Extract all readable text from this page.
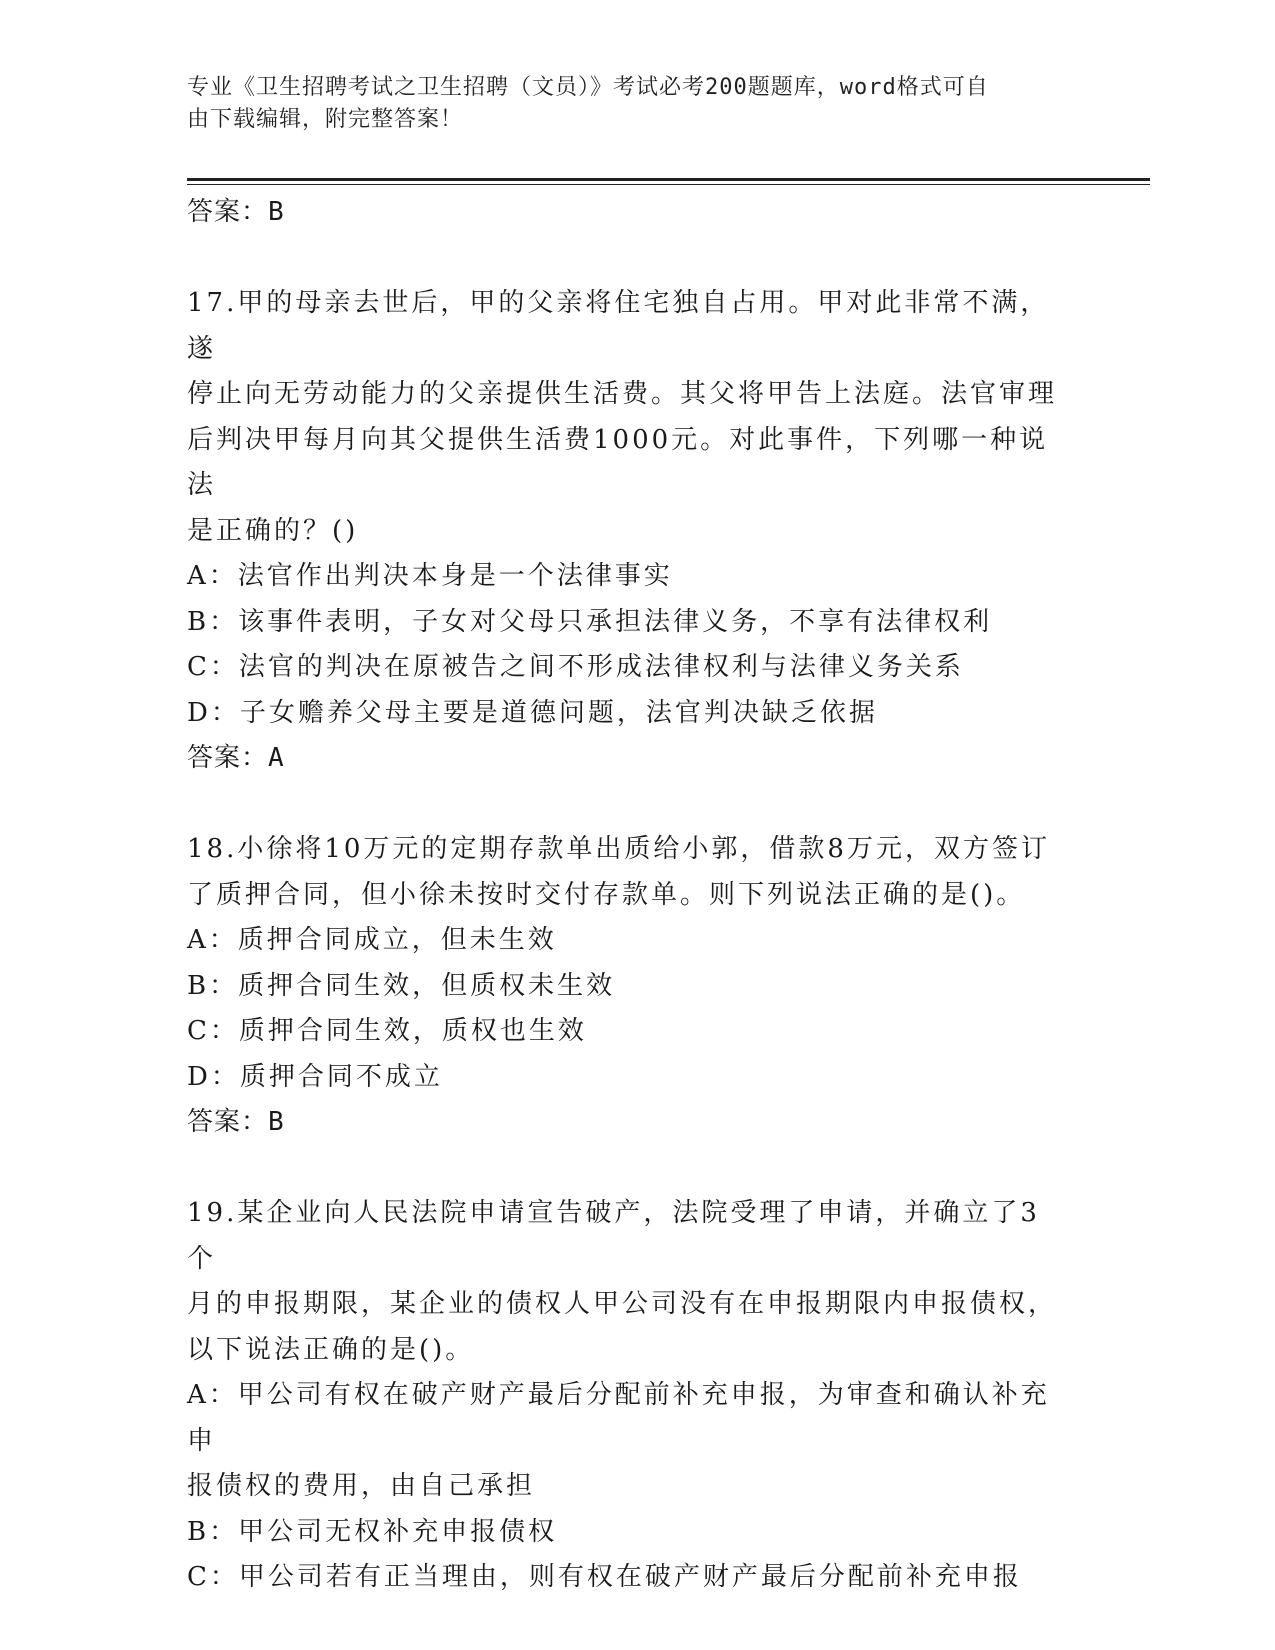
专业《卫生招聘考试之卫生招聘（文员）》考试必考200题题库，word格式可自
由下载编辑，附完整答案！

答案：B

17.甲的母亲去世后，甲的父亲将住宅独自占用。甲对此非常不满，遂

停止向无劳动能力的父亲提供生活费。其父将甲告上法庭。法官审理

后判决甲每月向其父提供生活费1000元。对此事件，下列哪一种说法

是正确的？()

A：法官作出判决本身是一个法律事实

B：该事件表明，子女对父母只承担法律义务，不享有法律权利

C：法官的判决在原被告之间不形成法律权利与法律义务关系

D：子女赡养父母主要是道德问题，法官判决缺乏依据

答案：A

18.小徐将10万元的定期存款单出质给小郭，借款8万元，双方签订

了质押合同，但小徐未按时交付存款单。则下列说法正确的是()。

A：质押合同成立，但未生效

B：质押合同生效，但质权未生效

C：质押合同生效，质权也生效

D：质押合同不成立

答案：B

19.某企业向人民法院申请宣告破产，法院受理了申请，并确立了3个

月的申报期限，某企业的债权人甲公司没有在申报期限内申报债权，

以下说法正确的是()。

A：甲公司有权在破产财产最后分配前补充申报，为审查和确认补充申

报债权的费用，由自己承担

B：甲公司无权补充申报债权

C：甲公司若有正当理由，则有权在破产财产最后分配前补充申报
